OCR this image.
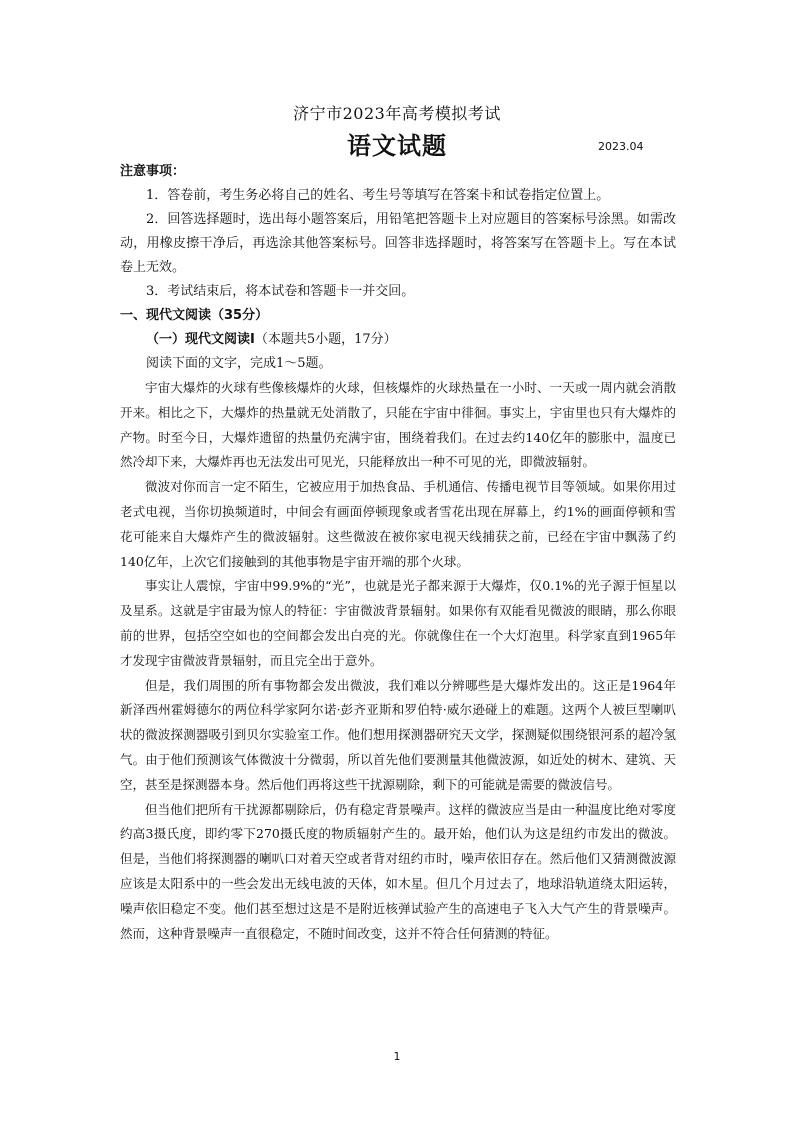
济宁市2023年高考模拟考试
语文试题	2023.04

注意事项：

1．答卷前，考生务必将自己的姓名、考生号等填写在答案卡和试卷指定位置上。

2．回答选择题时，选出每小题答案后，用铅笔把答题卡上对应题目的答案标号涂黑。如需改动，用橡皮擦干净后，再选涂其他答案标号。回答非选择题时，将答案写在答题卡上。写在本试卷上无效。

3．考试结束后，将本试卷和答题卡一并交回。

一、现代文阅读（35分）

（一）现代文阅读Ⅰ（本题共5小题，17分）

阅读下面的文字，完成1～5题。

宇宙大爆炸的火球有些像核爆炸的火球，但核爆炸的火球热量在一小时、一天或一周内就会消散开来。相比之下，大爆炸的热量就无处消散了，只能在宇宙中徘徊。事实上，宇宙里也只有大爆炸的产物。时至今日，大爆炸遗留的热量仍充满宇宙，围绕着我们。在过去约140亿年的膨胀中，温度已然冷却下来，大爆炸再也无法发出可见光，只能释放出一种不可见的光，即微波辐射。

微波对你而言一定不陌生，它被应用于加热食品、手机通信、传播电视节目等领域。如果你用过老式电视，当你切换频道时，中间会有画面停顿现象或者雪花出现在屏幕上，约1%的画面停顿和雪花可能来自大爆炸产生的微波辐射。这些微波在被你家电视天线捕获之前，已经在宇宙中飘荡了约140亿年，上次它们接触到的其他事物是宇宙开端的那个火球。

事实让人震惊，宇宙中99.9%的“光”，也就是光子都来源于大爆炸，仅0.1%的光子源于恒星以及星系。这就是宇宙最为惊人的特征：宇宙微波背景辐射。如果你有双能看见微波的眼睛，那么你眼前的世界，包括空空如也的空间都会发出白亮的光。你就像住在一个大灯泡里。科学家直到1965年才发现宇宙微波背景辐射，而且完全出于意外。

但是，我们周围的所有事物都会发出微波，我们难以分辨哪些是大爆炸发出的。这正是1964年新泽西州霍姆德尔的两位科学家阿尔诺·彭齐亚斯和罗伯特·威尔逊碰上的难题。这两个人被巨型喇叭状的微波探测器吸引到贝尔实验室工作。他们想用探测器研究天文学，探测疑似围绕银河系的超冷氢气。由于他们预测该气体微波十分微弱，所以首先他们要测量其他微波源，如近处的树木、建筑、天空，甚至是探测器本身。然后他们再将这些干扰源剔除，剩下的可能就是需要的微波信号。

但当他们把所有干扰源都剔除后，仍有稳定背景噪声。这样的微波应当是由一种温度比绝对零度约高3摄氏度，即约零下270摄氏度的物质辐射产生的。最开始，他们认为这是纽约市发出的微波。但是，当他们将探测器的喇叭口对着天空或者背对纽约市时，噪声依旧存在。然后他们又猜测微波源应该是太阳系中的一些会发出无线电波的天体，如木星。但几个月过去了，地球沿轨道绕太阳运转，噪声依旧稳定不变。他们甚至想过这是不是附近核弹试验产生的高速电子飞入大气产生的背景噪声。然而，这种背景噪声一直很稳定，不随时间改变，这并不符合任何猜测的特征。

1
